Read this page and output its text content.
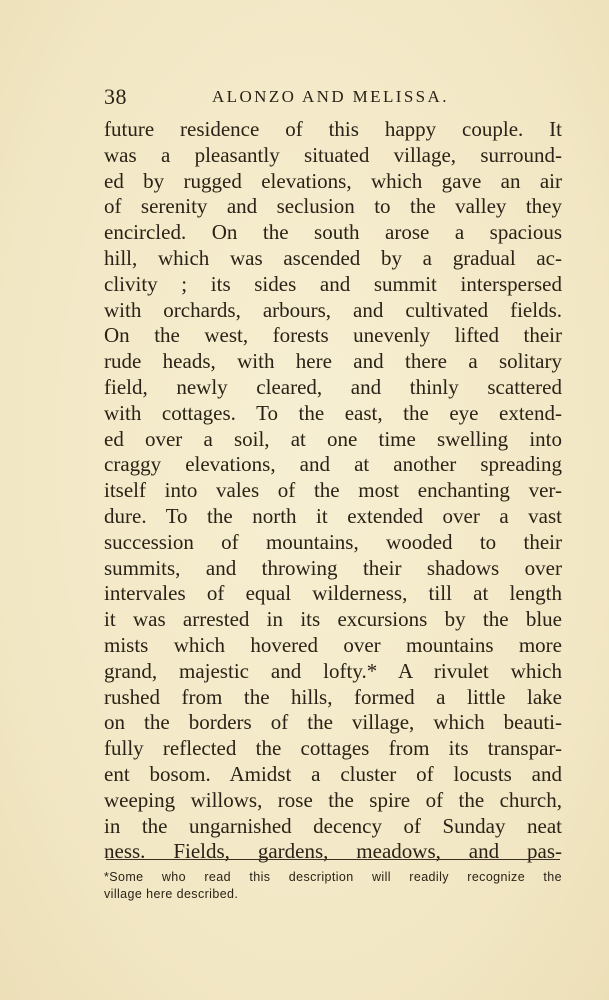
38	ALONZO AND MELISSA.
future residence of this happy couple. It
was a pleasantly situated village, surround-
ed by rugged elevations, which gave an air
of serenity and seclusion to the valley they
encircled. On the south arose a spacious
hill, which was ascended by a gradual ac-
clivity ; its sides and summit interspersed
with orchards, arbours, and cultivated fields.
On the west, forests unevenly lifted their
rude heads, with here and there a solitary
field, newly cleared, and thinly scattered
with cottages. To the east, the eye extend-
ed over a soil, at one time swelling into
craggy elevations, and at another spreading
itself into vales of the most enchanting ver-
dure. To the north it extended over a vast
succession of mountains, wooded to their
summits, and throwing their shadows over
intervales of equal wilderness, till at length
it was arrested in its excursions by the blue
mists which hovered over mountains more
grand, majestic and lofty.* A rivulet which
rushed from the hills, formed a little lake
on the borders of the village, which beauti-
fully reflected the cottages from its transpar-
ent bosom. Amidst a cluster of locusts and
weeping willows, rose the spire of the church,
in the ungarnished decency of Sunday neat
ness. Fields, gardens, meadows, and pas-
*Some who read this description will readily recognize the
village here described.
